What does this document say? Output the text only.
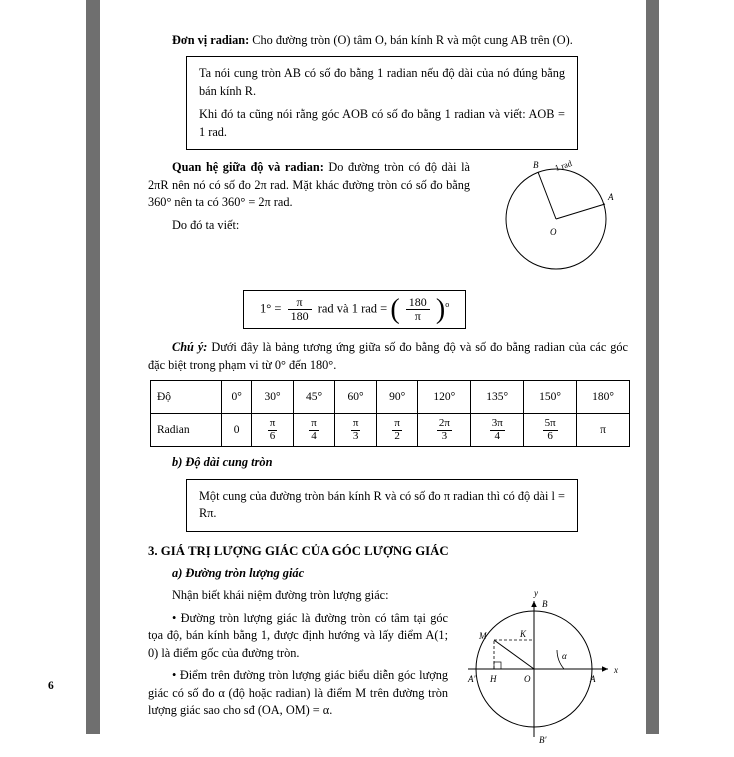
Đơn vị radian: Cho đường tròn (O) tâm O, bán kính R và một cung AB trên (O).

Ta nói cung tròn AB có số đo bằng 1 radian nếu độ dài của nó đúng bằng bán kính R.

Khi đó ta cũng nói rằng góc AOB có số đo bằng 1 radian và viết: AOB = 1 rad.

Quan hệ giữa độ và radian: Do đường tròn có độ dài là 2πR nên nó có số đo 2π rad. Mặt khác đường tròn có số đo bằng 360° nên ta có 360° = 2π rad.

Do đó ta viết:

B
A
O
1 rad
$1^\circ = \frac{\pi}{180}$ rad và 1 rad = ( $\frac{180}{\pi} )^o$

Chú ý: Dưới đây là bảng tương ứng giữa số đo bằng độ và số đo bằng radian của các góc đặc biệt trong phạm vi từ 0° đến 180°.

Độ	0°	30°	45°	60°	90°	120°	135°	150°	180°
Radian	0	$\frac{\pi}{6}$	$\frac{\pi}{4}$	$\frac{\pi}{3}$	$\frac{\pi}{2}$	$\frac{2\pi}{3}$	$\frac{3\pi}{4}$	$\frac{5\pi}{6}$	π

b) Độ dài cung tròn

Một cung của đường tròn bán kính R và có số đo π radian thì có độ dài l = Rπ.

3. GIÁ TRỊ LƯỢNG GIÁC CỦA GÓC LƯỢNG GIÁC

a) Đường tròn lượng giác

Nhận biết khái niệm đường tròn lượng giác:

• Đường tròn lượng giác là đường tròn có tâm tại góc tọa độ, bán kính bằng 1, được định hướng và lấy điểm A(1; 0) là điểm gốc của đường tròn.

• Điểm trên đường tròn lượng giác biểu diễn góc lượng giác có số đo α (độ hoặc radian) là điểm M trên đường tròn lượng giác sao cho sđ (OA, OM) = α.

y
x
B
B'
A
A'
M	K
H	O
α
6
